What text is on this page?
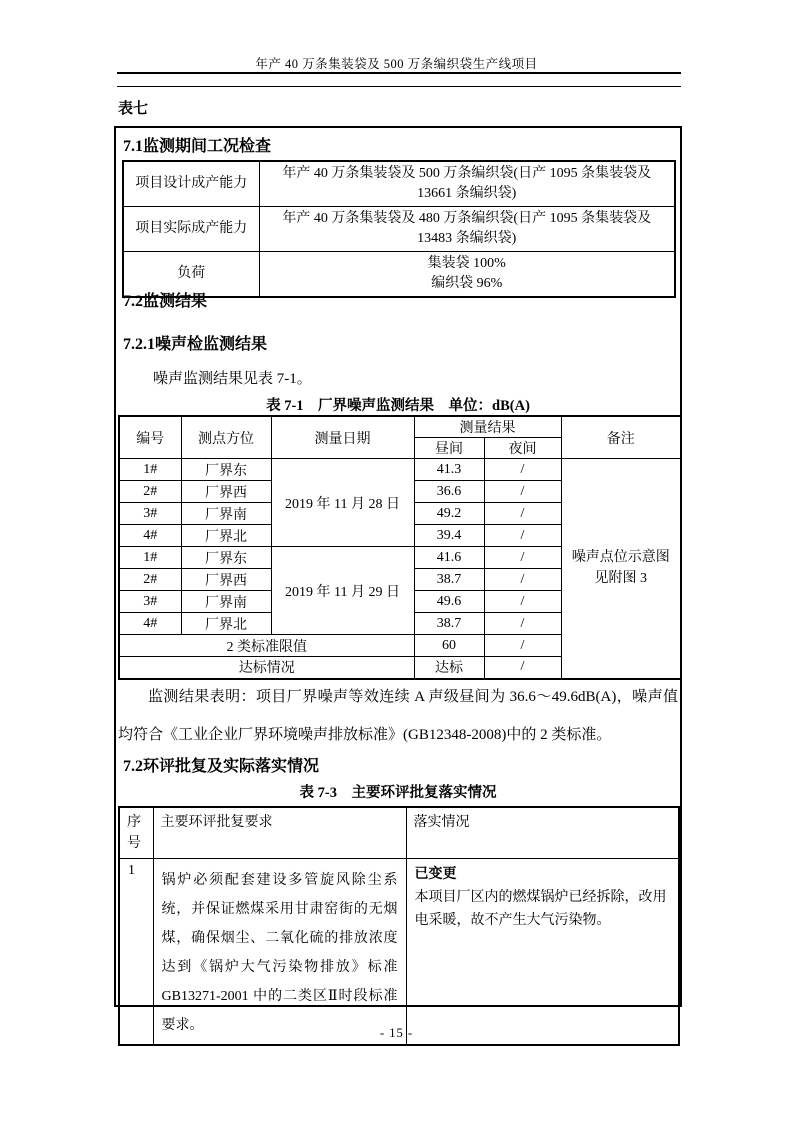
年产 40 万条集装袋及 500 万条编织袋生产线项目
表七
7.1监测期间工况检查
项目设计成产能力	年产 40 万条集装袋及 500 万条编织袋(日产 1095 条集装袋及 13661 条编织袋)
项目实际成产能力	年产 40 万条集装袋及 480 万条编织袋(日产 1095 条集装袋及 13483 条编织袋)
负荷	集装袋 100%
编织袋 96%
7.2监测结果
7.2.1噪声检监测结果
噪声监测结果见表 7-1。
表 7-1　厂界噪声监测结果　单位：dB(A)
编号	测点方位	测量日期	测量结果		备注
			昼间	夜间	
1#	厂界东	2019 年 11 月 28 日	41.3	/	噪声点位示意图见附图 3
2#	厂界西		36.6	/	
3#	厂界南		49.2	/	
4#	厂界北		39.4	/	
1#	厂界东	2019 年 11 月 29 日	41.6	/	
2#	厂界西		38.7	/	
3#	厂界南		49.6	/	
4#	厂界北		38.7	/	
2 类标准限值			60	/	
达标情况			达标	/	
监测结果表明：项目厂界噪声等效连续 A 声级昼间为 36.6～49.6dB(A)，噪声值均符合《工业企业厂界环境噪声排放标准》(GB12348-2008)中的 2 类标准。
7.2环评批复及实际落实情况
表 7-3　主要环评批复落实情况
序号	主要环评批复要求	落实情况
1	锅炉必须配套建设多管旋风除尘系统，并保证燃煤采用甘肃窑街的无烟煤，确保烟尘、二氧化硫的排放浓度达到《锅炉大气污染物排放》标准 GB13271-2001 中的二类区Ⅱ时段标准要求。	已变更
本项目厂区内的燃煤锅炉已经拆除，改用电采暖，故不产生大气污染物。
- 15 -
